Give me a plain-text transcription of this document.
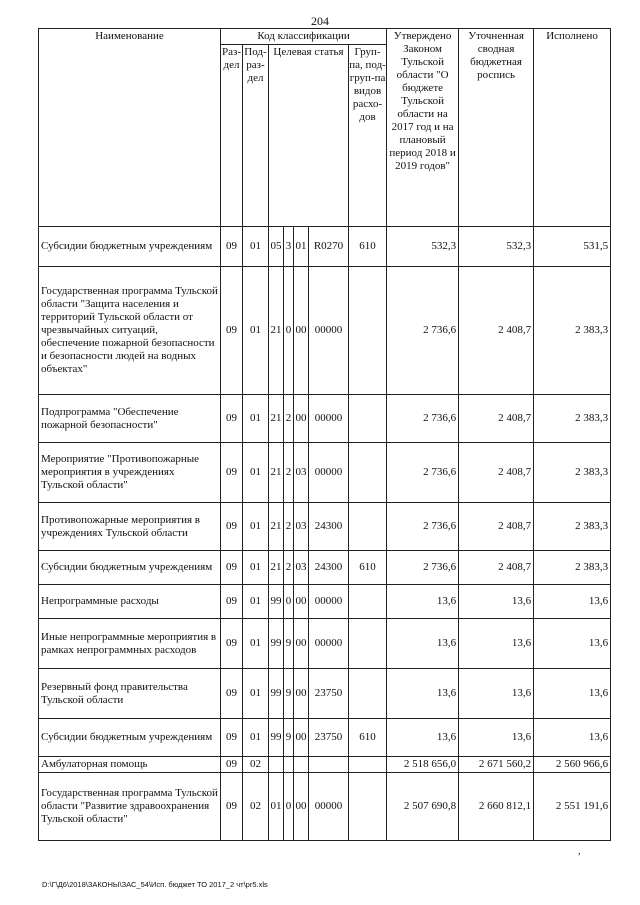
204
Наименование	Код классификации							Утверждено Законом Тульской области "О бюджете Тульской области на 2017 год и на плановый период 2018 и 2019 годов"	Уточненная сводная бюджетная роспись	Исполнено
	Раз-дел	Под-раз-дел	Целевая статья				Груп-па, под-груп-па видов расхо-дов			
Субсидии бюджетным учреждениям	09	01	05	3	01	R0270	610	532,3	532,3	531,5
Государственная программа Тульской области "Защита населения и территорий Тульской области от чрезвычайных ситуаций, обеспечение пожарной безопасности и безопасности людей на водных объектах"	09	01	21	0	00	00000		2 736,6	2 408,7	2 383,3
Подпрограмма "Обеспечение пожарной безопасности"	09	01	21	2	00	00000		2 736,6	2 408,7	2 383,3
Мероприятие "Противопожарные мероприятия в учреждениях Тульской области"	09	01	21	2	03	00000		2 736,6	2 408,7	2 383,3
Противопожарные мероприятия в учреждениях Тульской области	09	01	21	2	03	24300		2 736,6	2 408,7	2 383,3
Субсидии бюджетным учреждениям	09	01	21	2	03	24300	610	2 736,6	2 408,7	2 383,3
Непрограммные расходы	09	01	99	0	00	00000		13,6	13,6	13,6
Иные непрограммные мероприятия в рамках непрограммных расходов	09	01	99	9	00	00000		13,6	13,6	13,6
Резервный фонд правительства Тульской области	09	01	99	9	00	23750		13,6	13,6	13,6
Субсидии бюджетным учреждениям	09	01	99	9	00	23750	610	13,6	13,6	13,6
Амбулаторная помощь	09	02						2 518 656,0	2 671 560,2	2 560 966,6
Государственная программа Тульской области "Развитие здравоохранения Тульской области"	09	02	01	0	00	00000		2 507 690,8	2 660 812,1	2 551 191,6
,
D:\Г\Д6\2018\ЗАКОНЫ\ЗАС_54\Исп. бюджет ТО 2017_2 чт\pr5.xls
